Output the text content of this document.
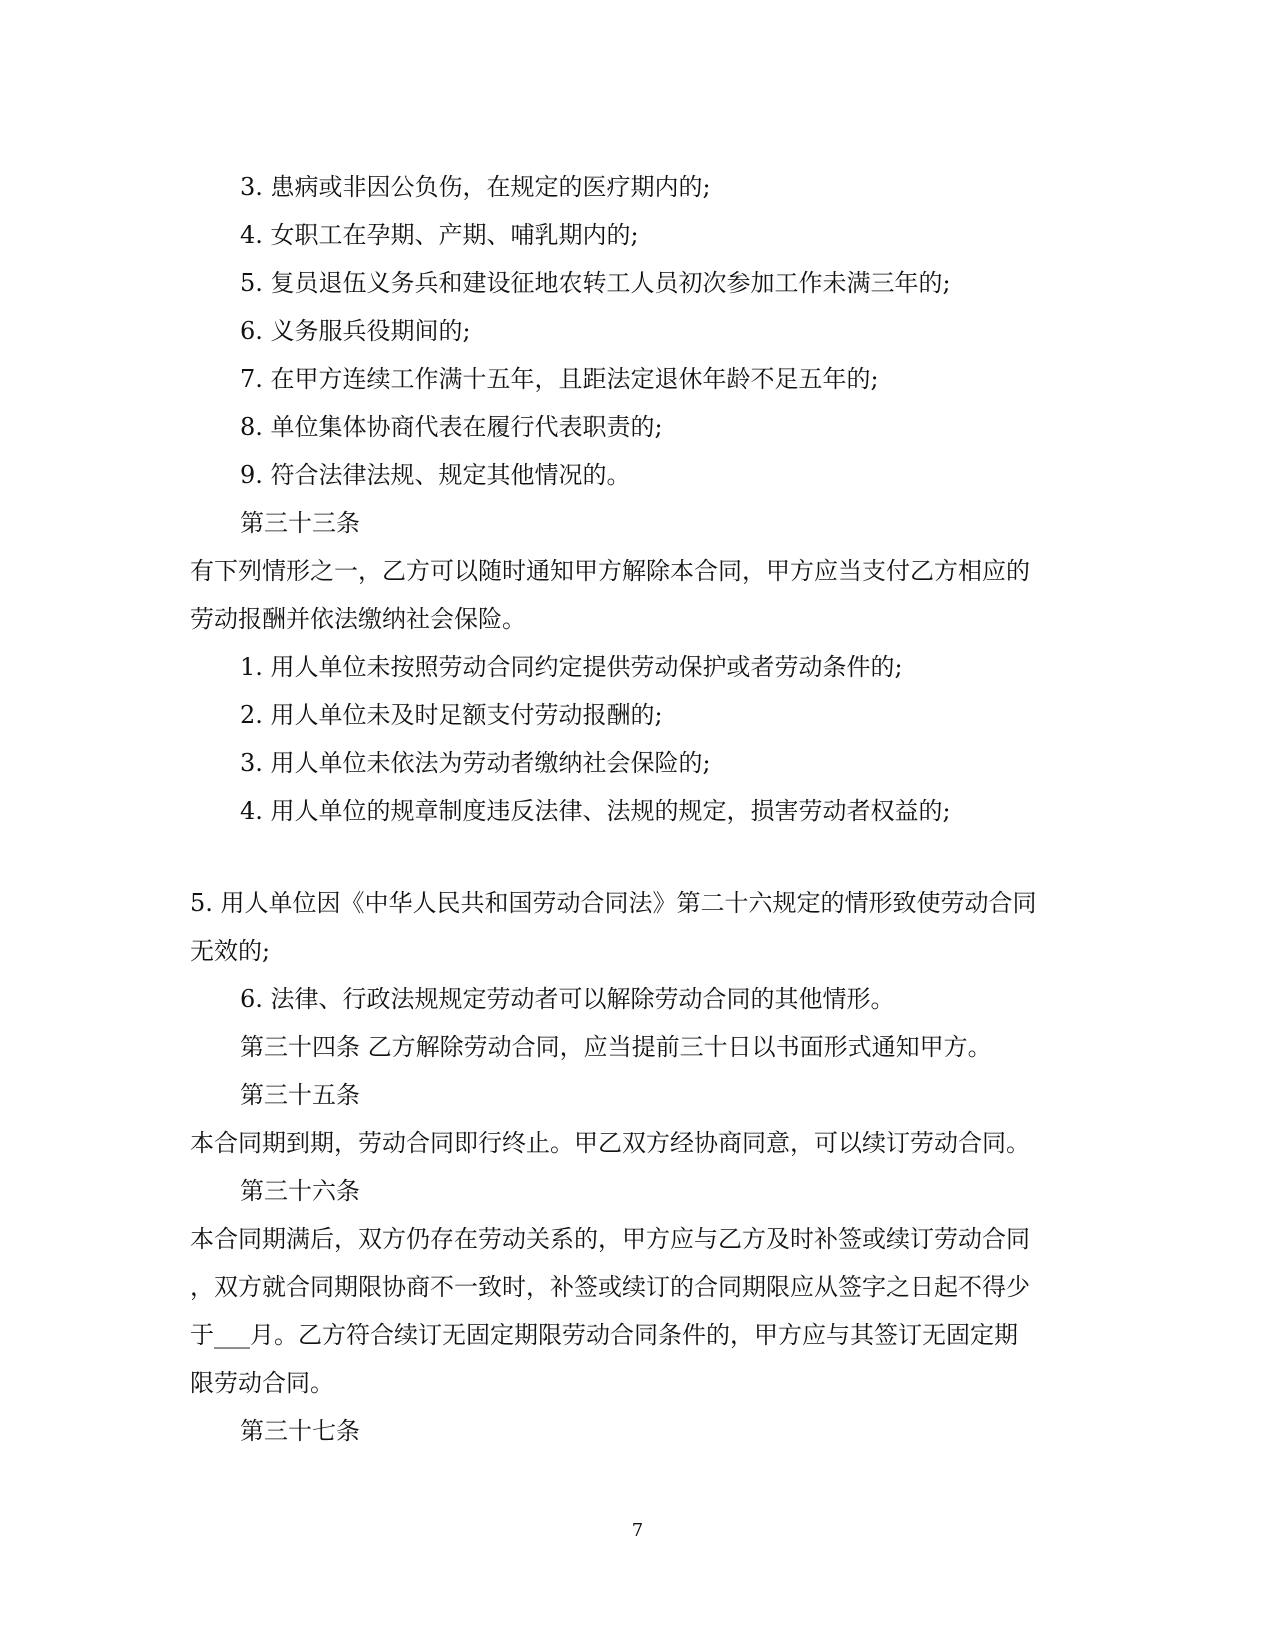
3. 患病或非因公负伤，在规定的医疗期内的;
4. 女职工在孕期、产期、哺乳期内的;
5. 复员退伍义务兵和建设征地农转工人员初次参加工作未满三年的;
6. 义务服兵役期间的;
7. 在甲方连续工作满十五年，且距法定退休年龄不足五年的;
8. 单位集体协商代表在履行代表职责的;
9. 符合法律法规、规定其他情况的。
第三十三条
有下列情形之一，乙方可以随时通知甲方解除本合同，甲方应当支付乙方相应的
劳动报酬并依法缴纳社会保险。
1. 用人单位未按照劳动合同约定提供劳动保护或者劳动条件的;
2. 用人单位未及时足额支付劳动报酬的;
3. 用人单位未依法为劳动者缴纳社会保险的;
4. 用人单位的规章制度违反法律、法规的规定，损害劳动者权益的;
5. 用人单位因《中华人民共和国劳动合同法》第二十六规定的情形致使劳动合同
无效的;
6. 法律、行政法规规定劳动者可以解除劳动合同的其他情形。
第三十四条 乙方解除劳动合同，应当提前三十日以书面形式通知甲方。
第三十五条
本合同期到期，劳动合同即行终止。甲乙双方经协商同意，可以续订劳动合同。
第三十六条
本合同期满后，双方仍存在劳动关系的，甲方应与乙方及时补签或续订劳动合同
，双方就合同期限协商不一致时，补签或续订的合同期限应从签字之日起不得少
于___月。乙方符合续订无固定期限劳动合同条件的，甲方应与其签订无固定期
限劳动合同。
第三十七条
7
